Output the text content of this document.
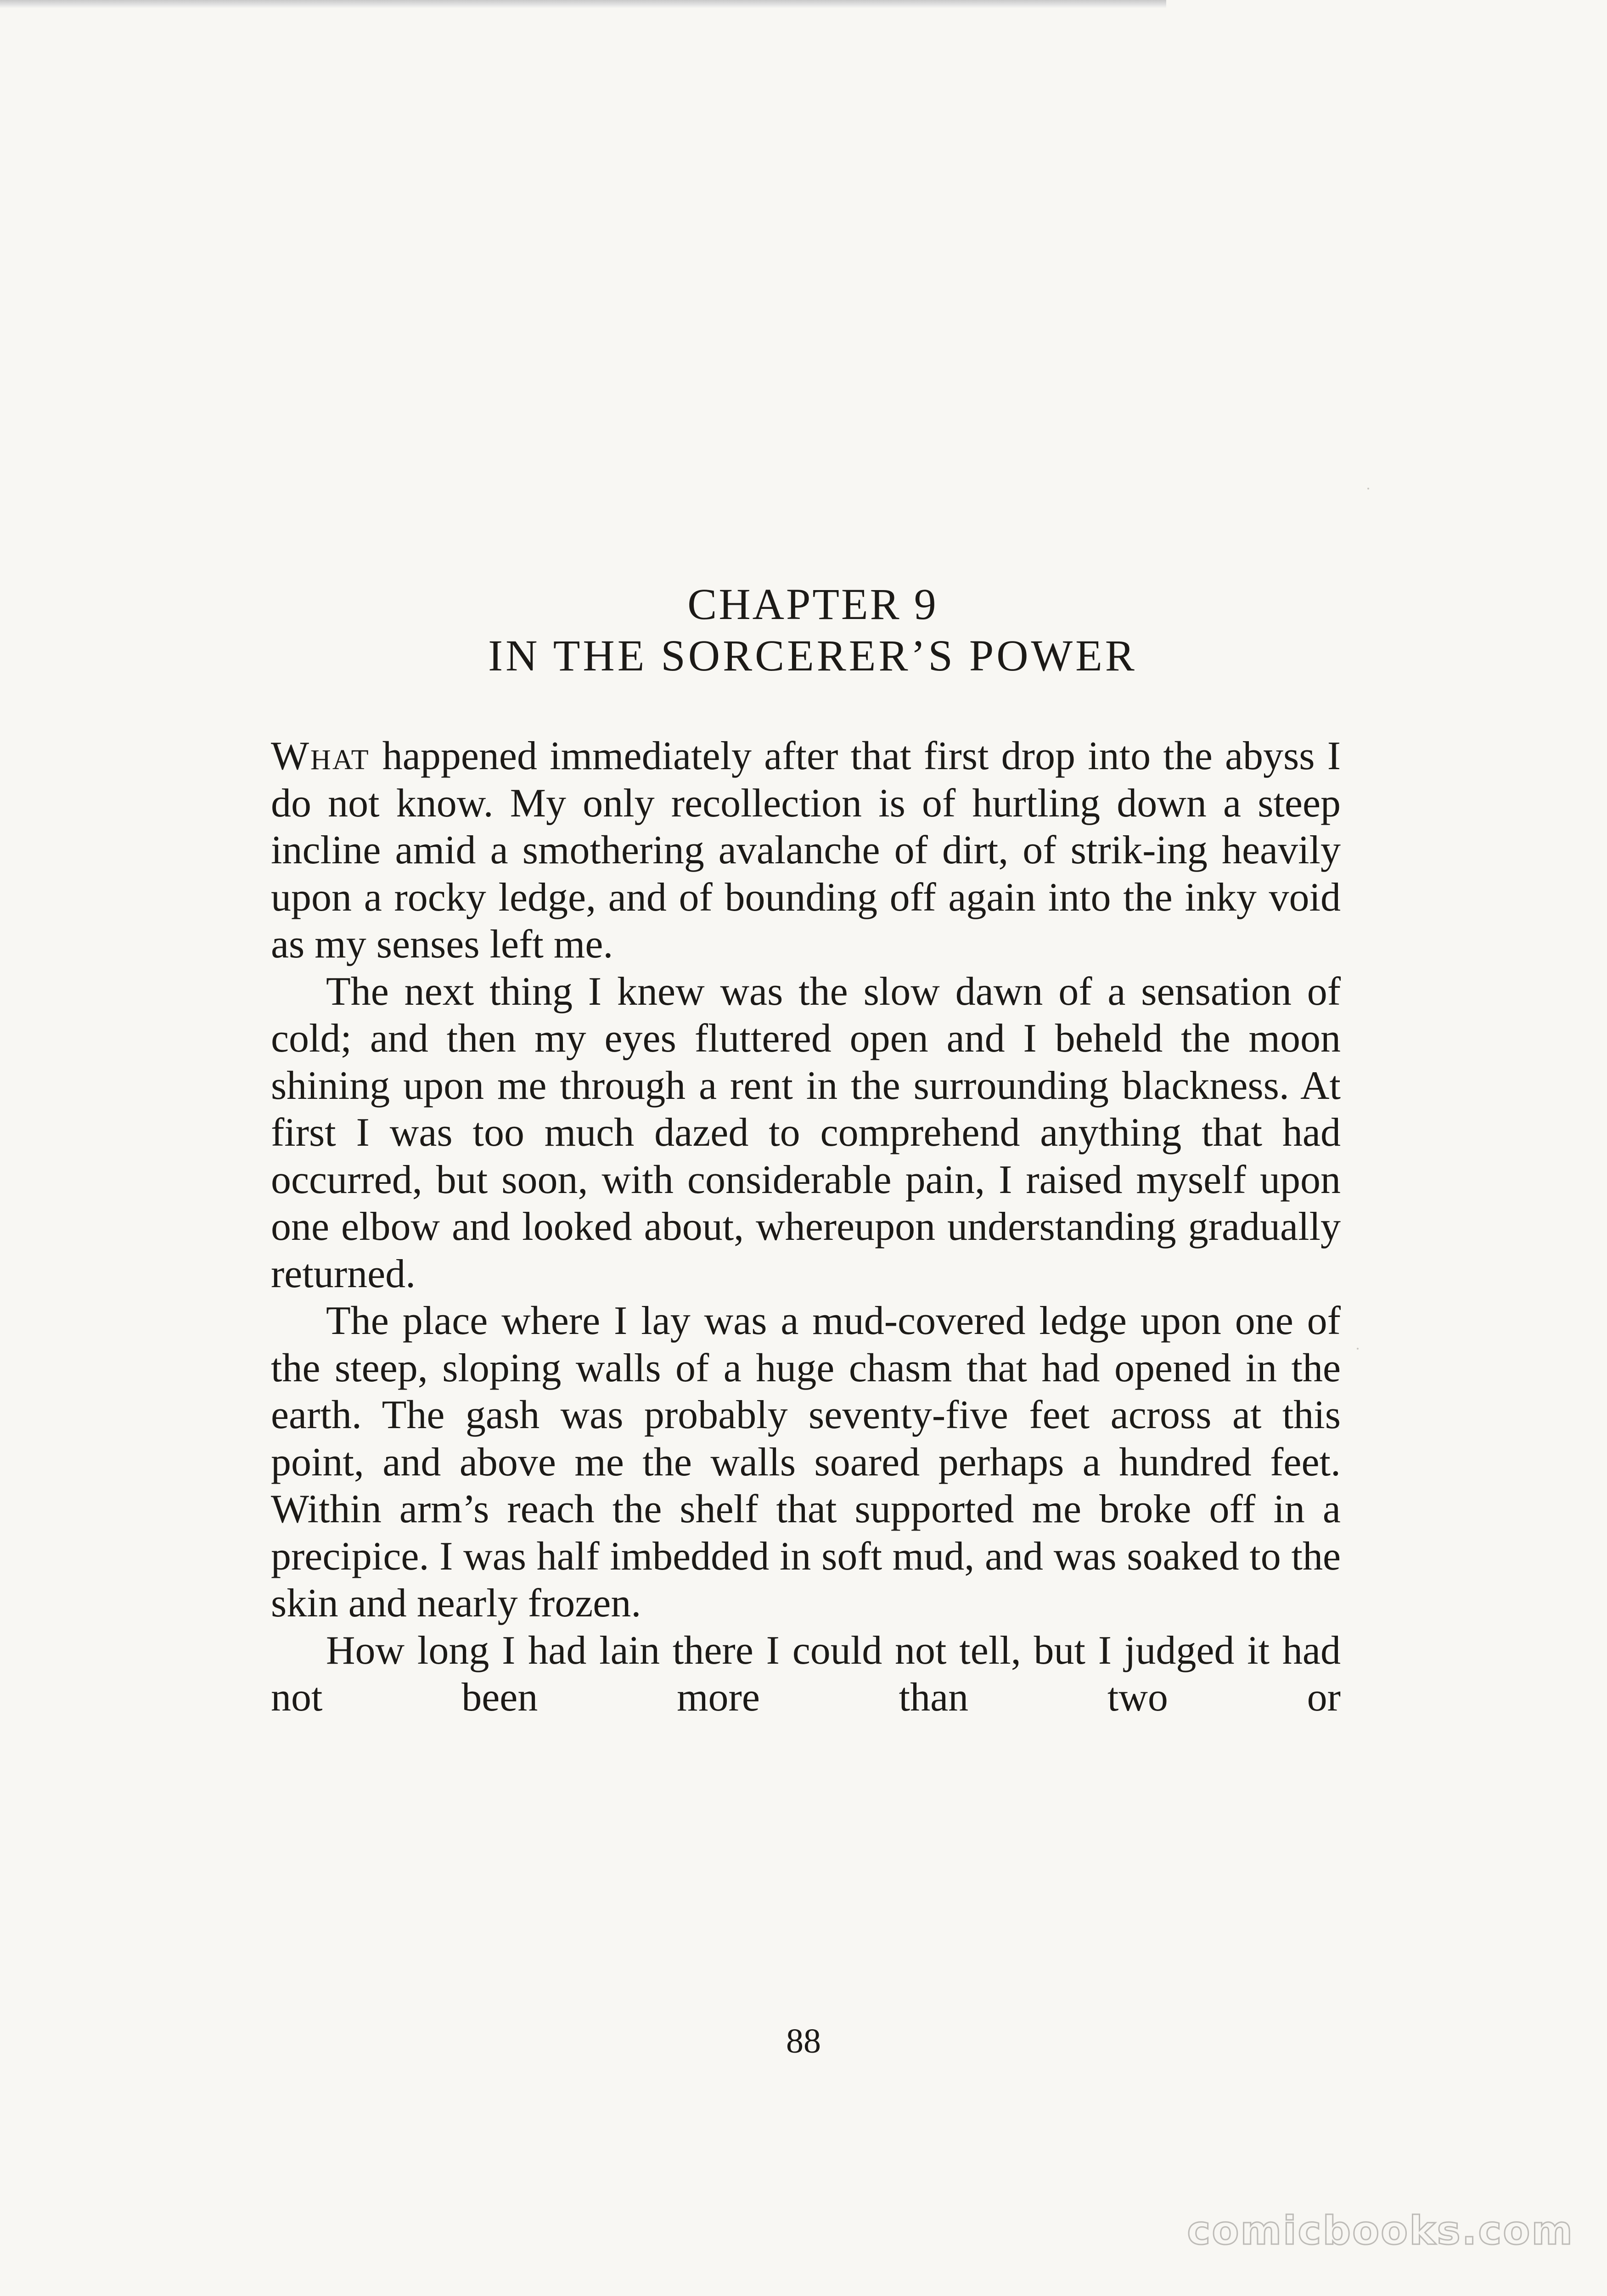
CHAPTER 9
IN THE SORCERER’S POWER

What happened immediately after that first drop into the abyss I do not know. My only recollection is of hurtling down a steep incline amid a smothering avalanche of dirt, of strik-ing heavily upon a rocky ledge, and of bounding off again into the inky void as my senses left me.

The next thing I knew was the slow dawn of a sensation of cold; and then my eyes fluttered open and I beheld the moon shining upon me through a rent in the surrounding blackness. At first I was too much dazed to comprehend anything that had occurred, but soon, with considerable pain, I raised myself upon one elbow and looked about, whereupon understanding gradually returned.

The place where I lay was a mud-covered ledge upon one of the steep, sloping walls of a huge chasm that had opened in the earth. The gash was probably seventy-five feet across at this point, and above me the walls soared perhaps a hundred feet. Within arm’s reach the shelf that supported me broke off in a precipice. I was half imbedded in soft mud, and was soaked to the skin and nearly frozen.

How long I had lain there I could not tell, but I judged it had not been more than two or

88
comicbooks.com
